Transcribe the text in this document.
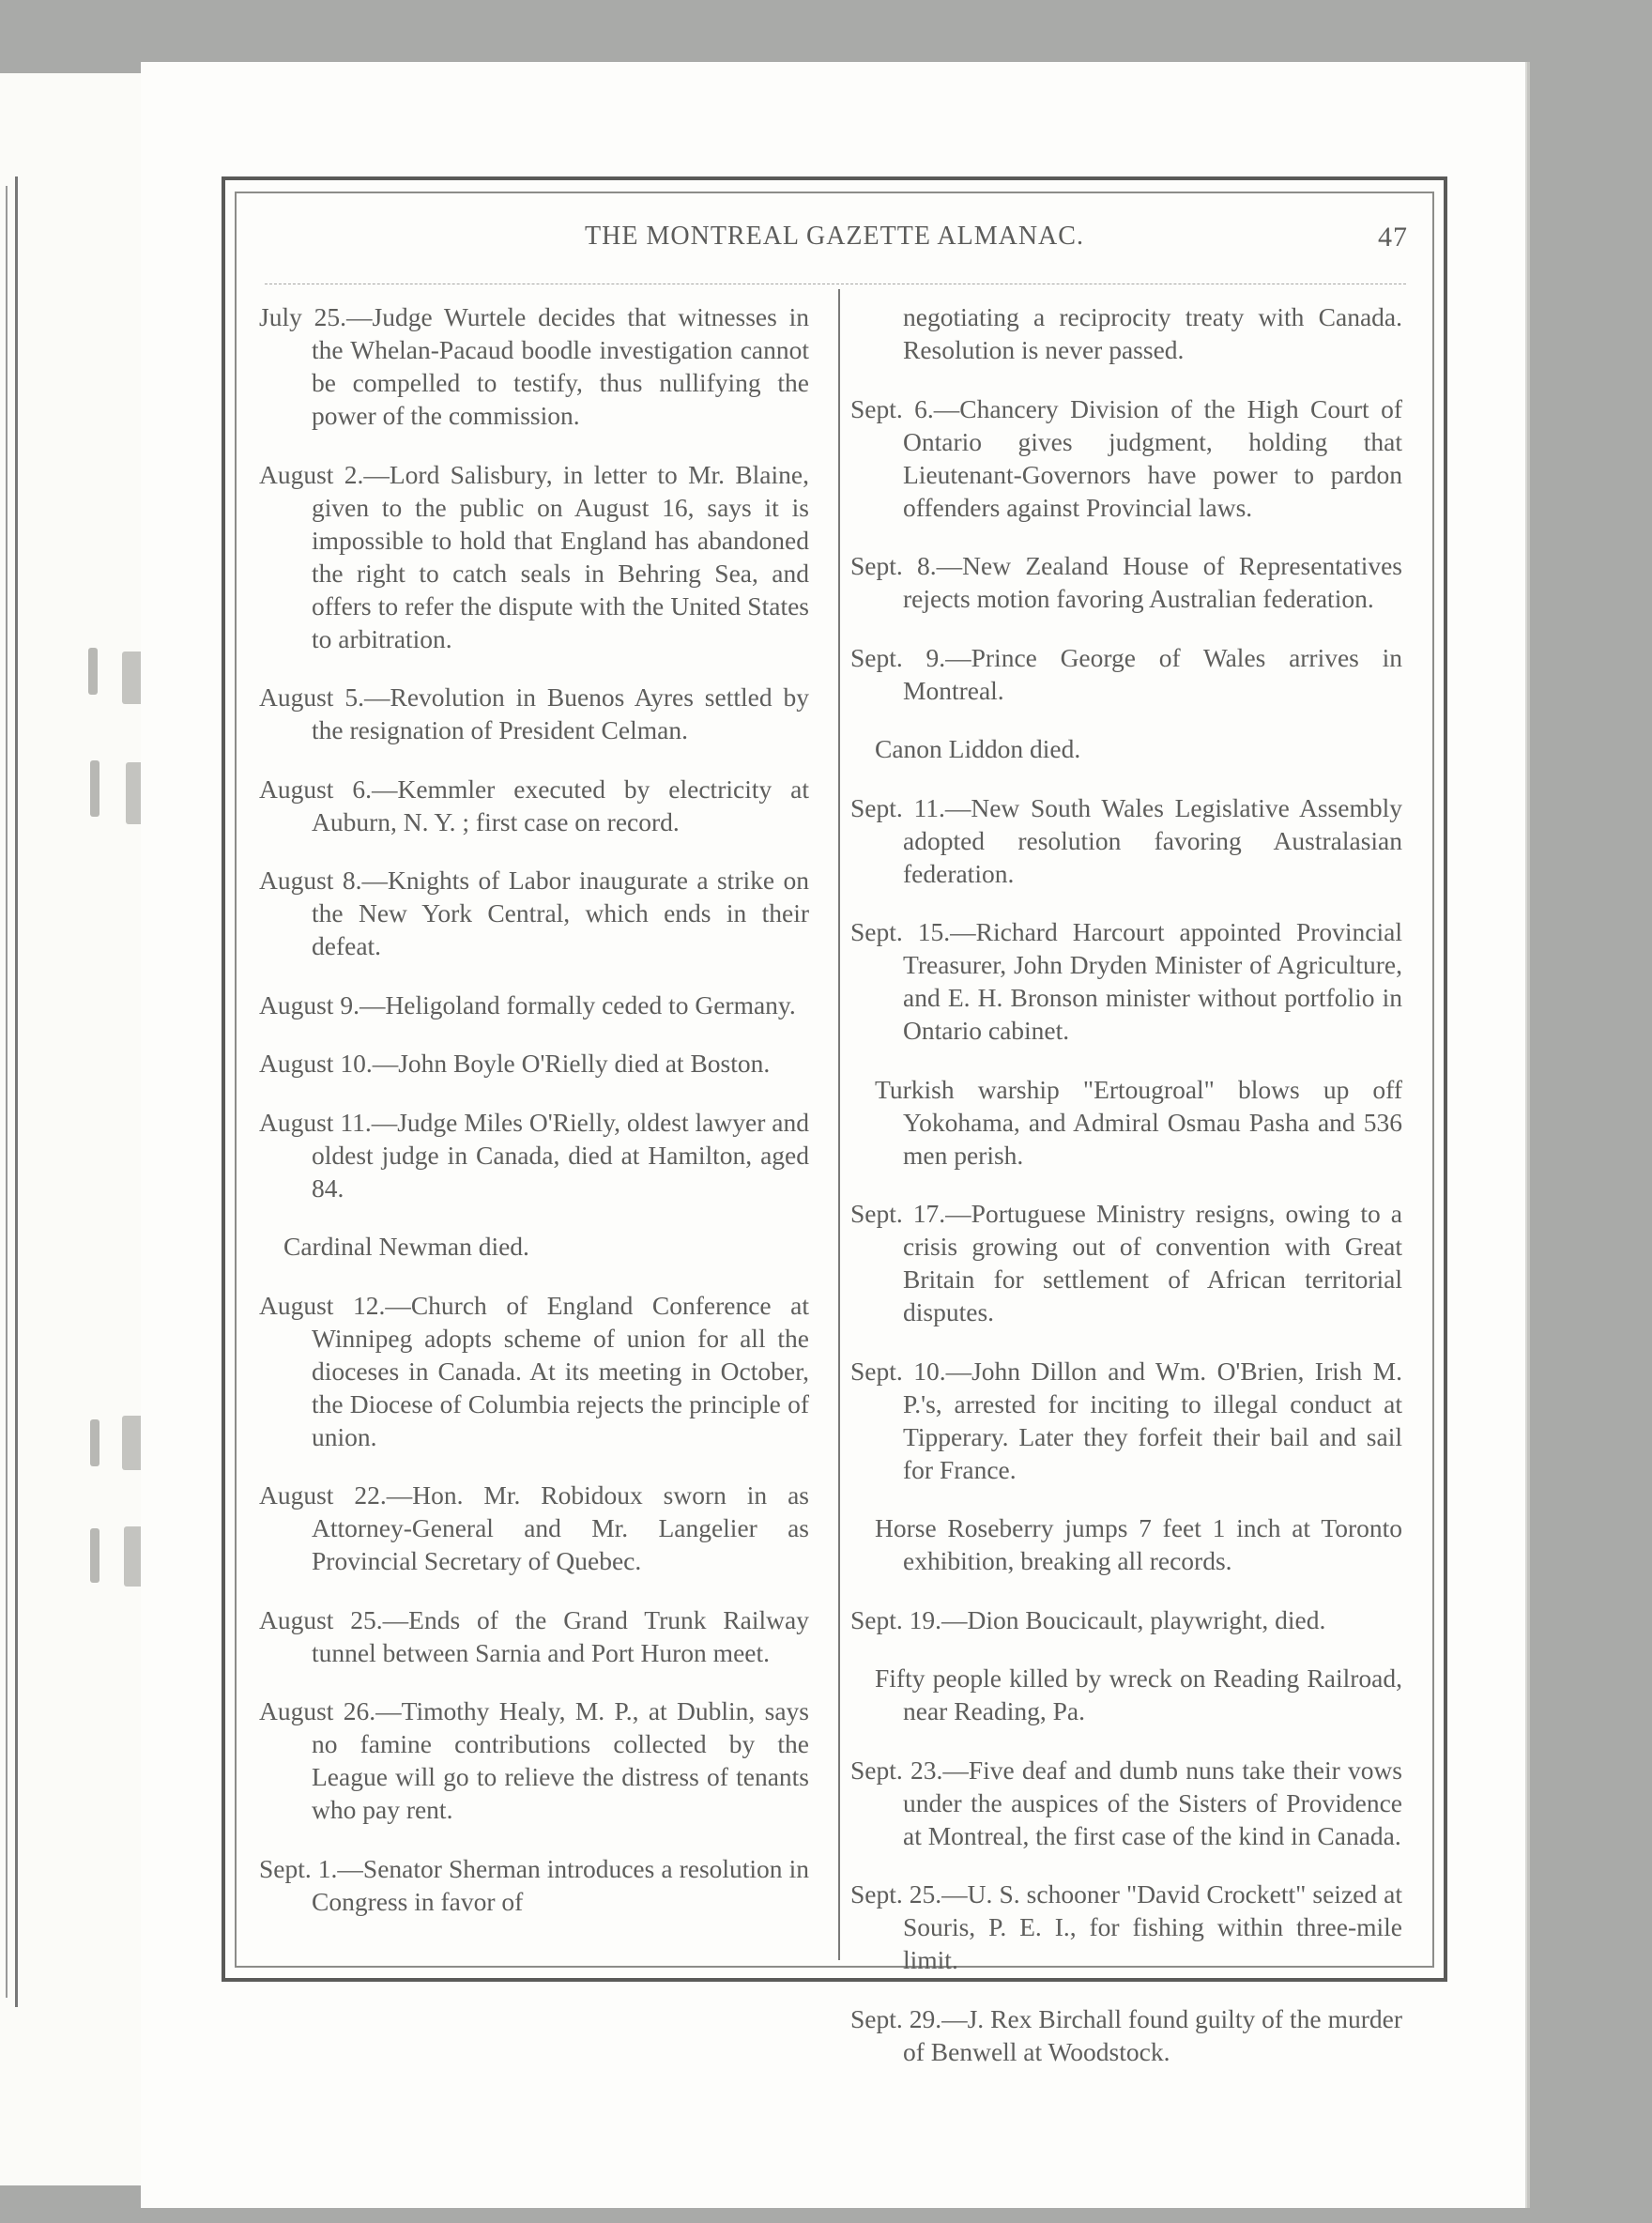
THE MONTREAL GAZETTE ALMANAC.	47

July 25.—Judge Wurtele decides that witnesses in the Whelan-Pacaud boodle investigation cannot be compelled to testify, thus nullifying the power of the commission.

August 2.—Lord Salisbury, in letter to Mr. Blaine, given to the public on August 16, says it is impossible to hold that England has abandoned the right to catch seals in Behring Sea, and offers to refer the dispute with the United States to arbitration.

August 5.—Revolution in Buenos Ayres settled by the resignation of President Celman.

August 6.—Kemmler executed by electricity at Auburn, N. Y. ; first case on record.

August 8.—Knights of Labor inaugurate a strike on the New York Central, which ends in their defeat.

August 9.—Heligoland formally ceded to Germany.

August 10.—John Boyle O'Rielly died at Boston.

August 11.—Judge Miles O'Rielly, oldest lawyer and oldest judge in Canada, died at Hamilton, aged 84.

Cardinal Newman died.

August 12.—Church of England Conference at Winnipeg adopts scheme of union for all the dioceses in Canada. At its meeting in October, the Diocese of Columbia rejects the principle of union.

August 22.—Hon. Mr. Robidoux sworn in as Attorney-General and Mr. Langelier as Provincial Secretary of Quebec.

August 25.—Ends of the Grand Trunk Railway tunnel between Sarnia and Port Huron meet.

August 26.—Timothy Healy, M. P., at Dublin, says no famine contributions collected by the League will go to relieve the distress of tenants who pay rent.

Sept. 1.—Senator Sherman introduces a resolution in Congress in favor of

negotiating a reciprocity treaty with Canada. Resolution is never passed.

Sept. 6.—Chancery Division of the High Court of Ontario gives judgment, holding that Lieutenant-Governors have power to pardon offenders against Provincial laws.

Sept. 8.—New Zealand House of Representatives rejects motion favoring Australian federation.

Sept. 9.—Prince George of Wales arrives in Montreal.

Canon Liddon died.

Sept. 11.—New South Wales Legislative Assembly adopted resolution favoring Australasian federation.

Sept. 15.—Richard Harcourt appointed Provincial Treasurer, John Dryden Minister of Agriculture, and E. H. Bronson minister without portfolio in Ontario cabinet.

Turkish warship "Ertougroal" blows up off Yokohama, and Admiral Osmau Pasha and 536 men perish.

Sept. 17.—Portuguese Ministry resigns, owing to a crisis growing out of convention with Great Britain for settlement of African territorial disputes.

Sept. 10.—John Dillon and Wm. O'Brien, Irish M. P.'s, arrested for inciting to illegal conduct at Tipperary. Later they forfeit their bail and sail for France.

Horse Roseberry jumps 7 feet 1 inch at Toronto exhibition, breaking all records.

Sept. 19.—Dion Boucicault, playwright, died.

Fifty people killed by wreck on Reading Railroad, near Reading, Pa.

Sept. 23.—Five deaf and dumb nuns take their vows under the auspices of the Sisters of Providence at Montreal, the first case of the kind in Canada.

Sept. 25.—U. S. schooner "David Crockett" seized at Souris, P. E. I., for fishing within three-mile limit.

Sept. 29.—J. Rex Birchall found guilty of the murder of Benwell at Woodstock.
